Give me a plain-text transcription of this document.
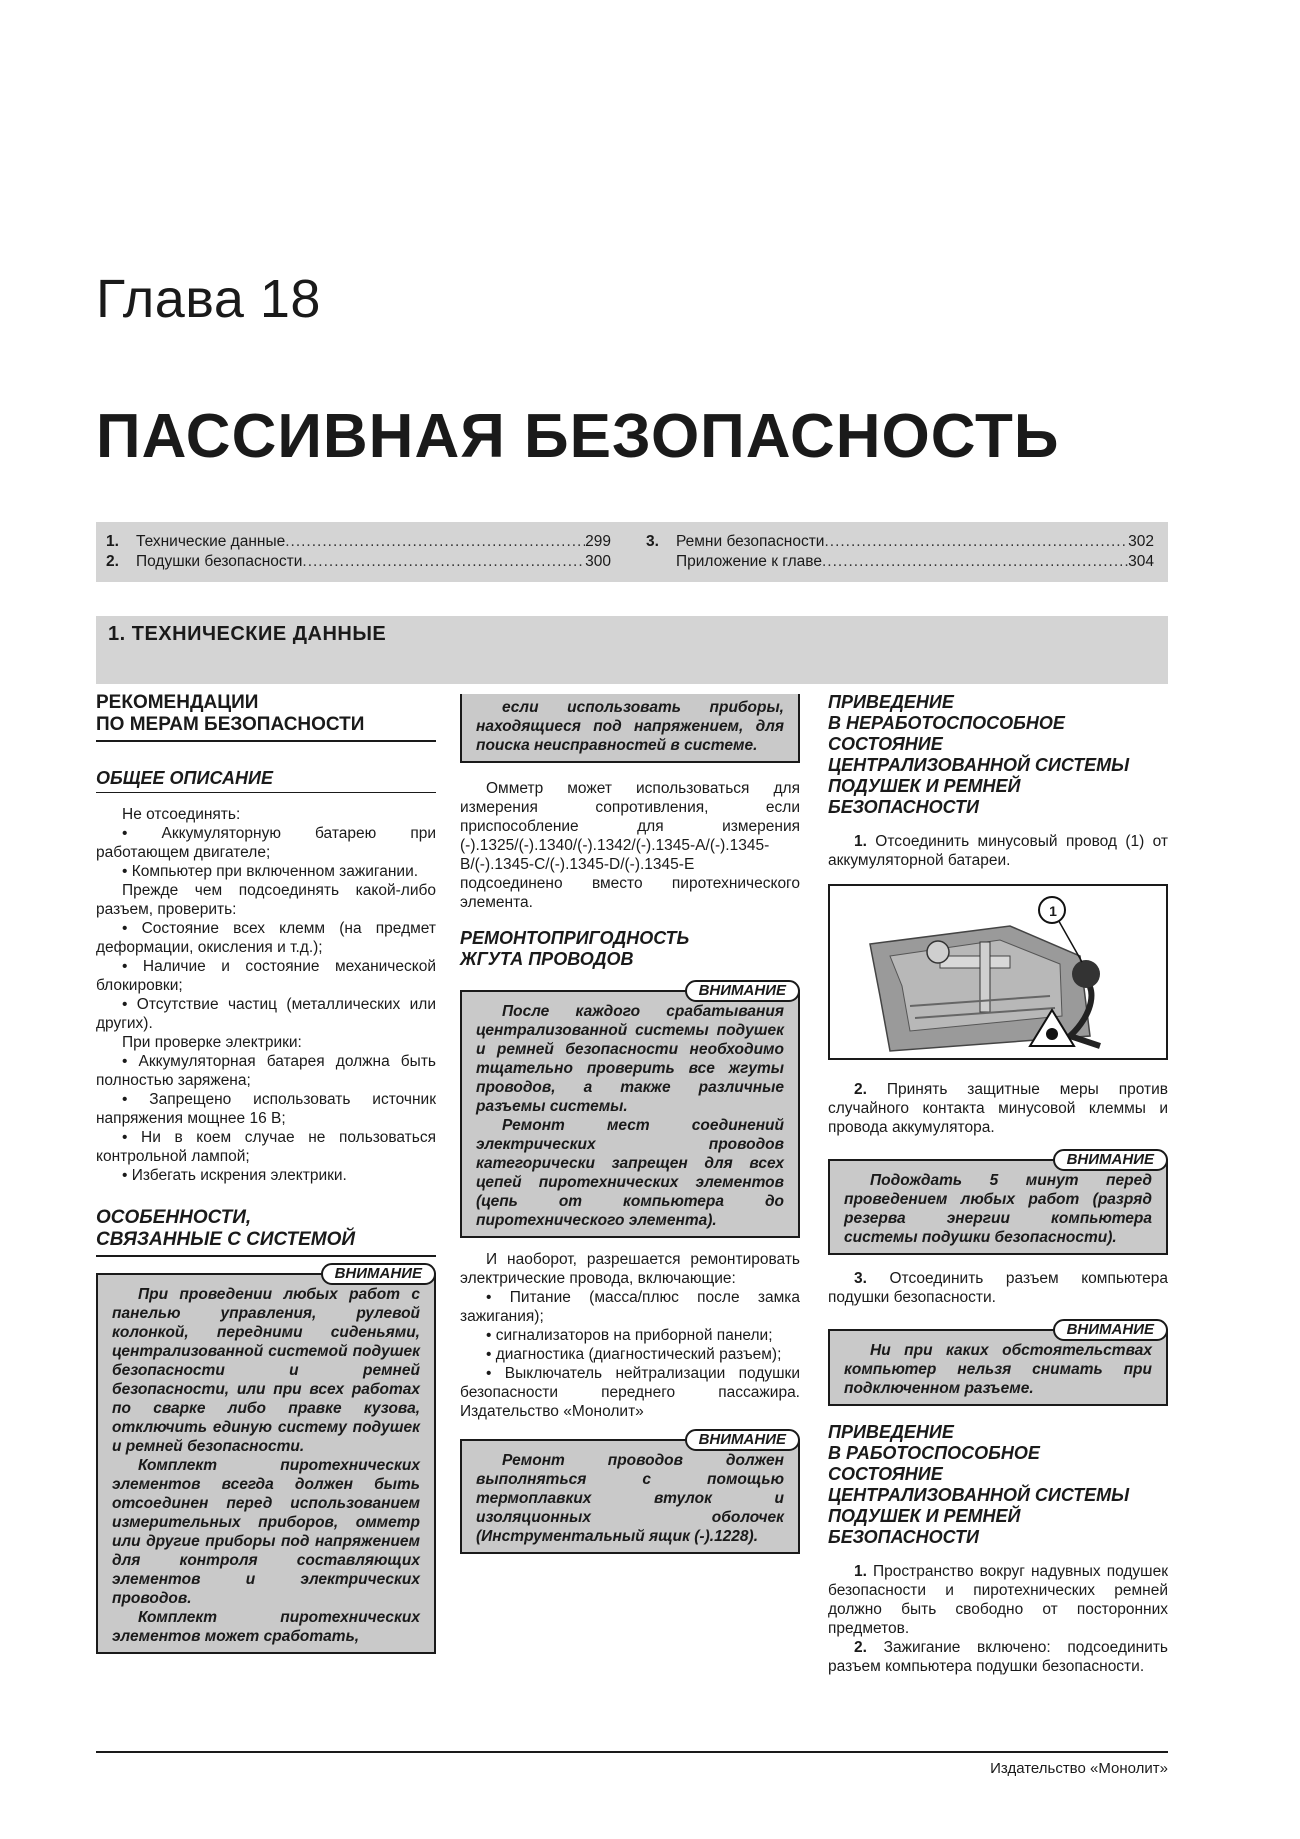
Глава 18
ПАССИВНАЯ БЕЗОПАСНОСТЬ
1.	Технические данные .....	299
2.	Подушки безопасности .....	300
3.	Ремни безопасности .....	302
Приложение к главе .....	304
1. ТЕХНИЧЕСКИЕ ДАННЫЕ
РЕКОМЕНДАЦИИ
ПО МЕРАМ БЕЗОПАСНОСТИ
ОБЩЕЕ ОПИСАНИЕ

Не отсоединять:

• Аккумуляторную батарею при работающем двигателе;

• Компьютер при включенном зажигании.

Прежде чем подсоединять какой-либо разъем, проверить:

• Состояние всех клемм (на предмет деформации, окисления и т.д.);

• Наличие и состояние механической блокировки;

• Отсутствие частиц (металлических или других).

При проверке электрики:

• Аккумуляторная батарея должна быть полностью заряжена;

• Запрещено использовать источник напряжения мощнее 16 В;

• Ни в коем случае не пользоваться контрольной лампой;

• Избегать искрения электрики.

ОСОБЕННОСТИ,
СВЯЗАННЫЕ С СИСТЕМОЙ
ВНИМАНИЕ

При проведении любых работ с панелью управления, рулевой колонкой, передними сиденьями, централизованной системой подушек безопасности и ремней безопасности, или при всех работах по сварке либо правке кузова, отключить единую систему подушек и ремней безопасности.

Комплект пиротехнических элементов всегда должен быть отсоединен перед использованием измерительных приборов, омметр или другие приборы под напряжением для контроля составляющих элементов и электрических проводов.

Комплект пиротехнических элементов может сработать,

если использовать приборы, находящиеся под напряжением, для поиска неисправностей в системе.

Омметр может использоваться для измерения сопротивления, если приспособление для измерения (-).1325/(-).1340/(-).1342/(-).1345-A/(-).1345-B/(-).1345-C/(-).1345-D/(-).1345-E подсоединено вместо пиротехнического элемента.

РЕМОНТОПРИГОДНОСТЬ
ЖГУТА ПРОВОДОВ
ВНИМАНИЕ

После каждого срабатывания централизованной системы подушек и ремней безопасности необходимо тщательно проверить все жгуты проводов, а также различные разъемы системы.

Ремонт мест соединений электрических проводов категорически запрещен для всех цепей пиротехнических элементов (цепь от компьютера до пиротехнического элемента).

И наоборот, разрешается ремонтировать электрические провода, включающие:

• Питание (масса/плюс после замка зажигания);

• сигнализаторов на приборной панели;

• диагностика (диагностический разъем);

• Выключатель нейтрализации подушки безопасности переднего пассажира. Издательство «Монолит»

ВНИМАНИЕ

Ремонт проводов должен выполняться с помощью термоплавких втулок и изоляционных оболочек (Инструментальный ящик (-).1228).

ПРИВЕДЕНИЕ
В НЕРАБОТОСПОСОБНОЕ
СОСТОЯНИЕ
ЦЕНТРАЛИЗОВАННОЙ СИСТЕМЫ
ПОДУШЕК И РЕМНЕЙ
БЕЗОПАСНОСТИ

1. Отсоединить минусовый провод (1) от аккумуляторной батареи.

1

2. Принять защитные меры против случайного контакта минусовой клеммы и провода аккумулятора.

ВНИМАНИЕ

Подождать 5 минут перед проведением любых работ (разряд резерва энергии компьютера системы подушки безопасности).

3. Отсоединить разъем компьютера подушки безопасности.

ВНИМАНИЕ

Ни при каких обстоятельствах компьютер нельзя снимать при подключенном разъеме.

ПРИВЕДЕНИЕ
В РАБОТОСПОСОБНОЕ
СОСТОЯНИЕ
ЦЕНТРАЛИЗОВАННОЙ СИСТЕМЫ
ПОДУШЕК И РЕМНЕЙ
БЕЗОПАСНОСТИ

1. Пространство вокруг надувных подушек безопасности и пиротехнических ремней должно быть свободно от посторонних предметов.

2. Зажигание включено: подсоединить разъем компьютера подушки безопасности.

Издательство «Монолит»
